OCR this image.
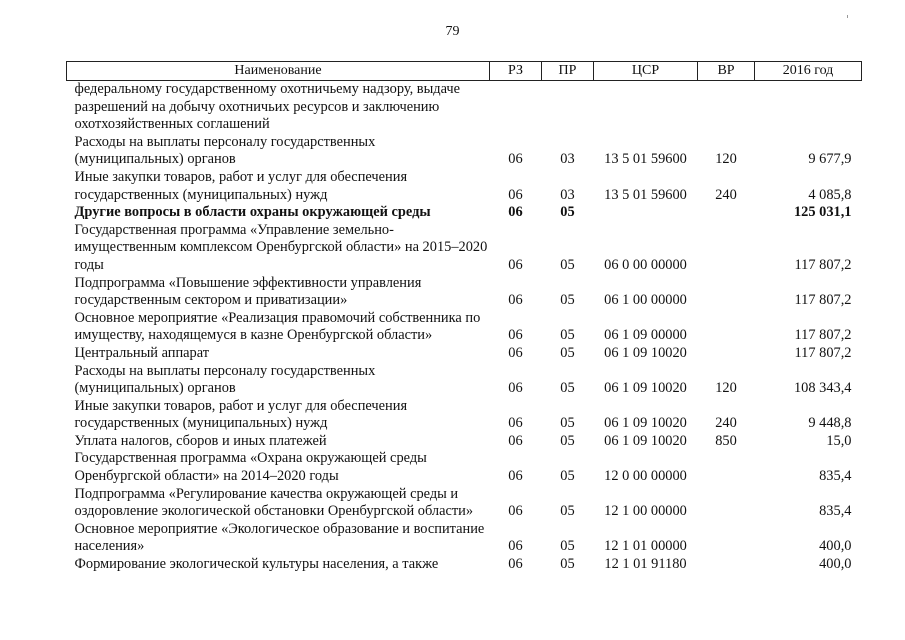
79
Наименование	РЗ	ПР	ЦСР	ВР	2016 год
федеральному государственному охотничьему надзору, выдаче разрешений на добычу охотничьих ресурсов и заключению охотхозяйственных соглашений					
Расходы на выплаты персоналу государственных (муниципальных) органов	06	03	13 5 01 59600	120	9 677,9
Иные закупки товаров, работ и услуг для обеспечения государственных (муниципальных) нужд	06	03	13 5 01 59600	240	4 085,8
Другие вопросы в области охраны окружающей среды	06	05			125 031,1
Государственная программа «Управление земельно-имущественным комплексом Оренбургской области» на 2015–2020 годы	06	05	06 0 00 00000		117 807,2
Подпрограмма «Повышение эффективности управления государственным сектором и приватизации»	06	05	06 1 00 00000		117 807,2
Основное мероприятие «Реализация правомочий собственника по имуществу, находящемуся в казне Оренбургской области»	06	05	06 1 09 00000		117 807,2
Центральный аппарат	06	05	06 1 09 10020		117 807,2
Расходы на выплаты персоналу государственных (муниципальных) органов	06	05	06 1 09 10020	120	108 343,4
Иные закупки товаров, работ и услуг для обеспечения государственных (муниципальных) нужд	06	05	06 1 09 10020	240	9 448,8
Уплата налогов, сборов и иных платежей	06	05	06 1 09 10020	850	15,0
Государственная программа «Охрана окружающей среды Оренбургской области» на 2014–2020 годы	06	05	12 0 00 00000		835,4
Подпрограмма «Регулирование качества окружающей среды и оздоровление экологической обстановки Оренбургской области»	06	05	12 1 00 00000		835,4
Основное мероприятие «Экологическое образование и воспитание населения»	06	05	12 1 01 00000		400,0
Формирование экологической культуры населения, а также	06	05	12 1 01 91180		400,0
